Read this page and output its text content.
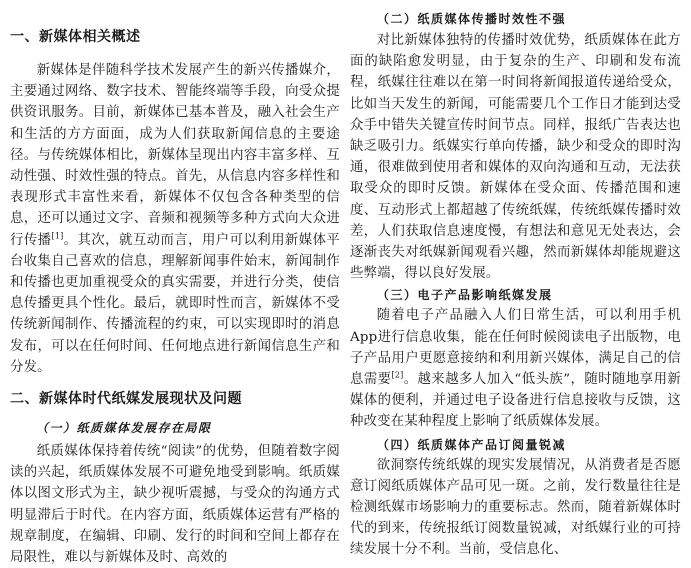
一、新媒体相关概述

新媒体是伴随科学技术发展产生的新兴传播媒介，主要通过网络、数字技术、智能终端等手段，向受众提供资讯服务。目前，新媒体已基本普及，融入社会生产和生活的方方面面，成为人们获取新闻信息的主要途径。与传统媒体相比，新媒体呈现出内容丰富多样、互动性强、时效性强的特点。首先，从信息内容多样性和表现形式丰富性来看，新媒体不仅包含各种类型的信息，还可以通过文字、音频和视频等多种方式向大众进行传播[1]。其次，就互动而言，用户可以利用新媒体平台收集自己喜欢的信息，理解新闻事件始末，新闻制作和传播也更加重视受众的真实需要，并进行分类，使信息传播更具个性化。最后，就即时性而言，新媒体不受传统新闻制作、传播流程的约束，可以实现即时的消息发布，可以在任何时间、任何地点进行新闻信息生产和分发。

二、新媒体时代纸媒发展现状及问题
（一）纸质媒体发展存在局限

纸质媒体保持着传统“阅读”的优势，但随着数字阅读的兴起，纸质媒体发展不可避免地受到影响。纸质媒体以图文形式为主，缺少视听震撼，与受众的沟通方式明显滞后于时代。在内容方面，纸质媒体运营有严格的规章制度，在编辑、印刷、发行的时间和空间上都存在局限性，难以与新媒体及时、高效的

（二）纸质媒体传播时效性不强

对比新媒体独特的传播时效优势，纸质媒体在此方面的缺陷愈发明显，由于复杂的生产、印刷和发布流程，纸媒往往难以在第一时间将新闻报道传递给受众，比如当天发生的新闻，可能需要几个工作日才能到达受众手中错失关键宣传时间节点。同样，报纸广告表达也缺乏吸引力。纸媒实行单向传播，缺少和受众的即时沟通，很难做到使用者和媒体的双向沟通和互动，无法获取受众的即时反馈。新媒体在受众面、传播范围和速度、互动形式上都超越了传统纸媒，传统纸媒传播时效差，人们获取信息速度慢，有想法和意见无处表达，会逐渐丧失对纸媒新闻观看兴趣，然而新媒体却能规避这些弊端，得以良好发展。

（三）电子产品影响纸媒发展

随着电子产品融入人们日常生活，可以利用手机App进行信息收集，能在任何时候阅读电子出版物，电子产品用户更愿意接纳和利用新兴媒体，满足自己的信息需要[2]。越来越多人加入“低头族”，随时随地享用新媒体的便利，并通过电子设备进行信息接收与反馈，这种改变在某种程度上影响了纸质媒体发展。

（四）纸质媒体产品订阅量锐减

欲洞察传统纸媒的现实发展情况，从消费者是否愿意订阅纸质媒体产品可见一斑。之前，发行数量往往是检测纸媒市场影响力的重要标志。然而，随着新媒体时代的到来，传统报纸订阅数量锐减，对纸媒行业的可持续发展十分不利。当前，受信息化、
